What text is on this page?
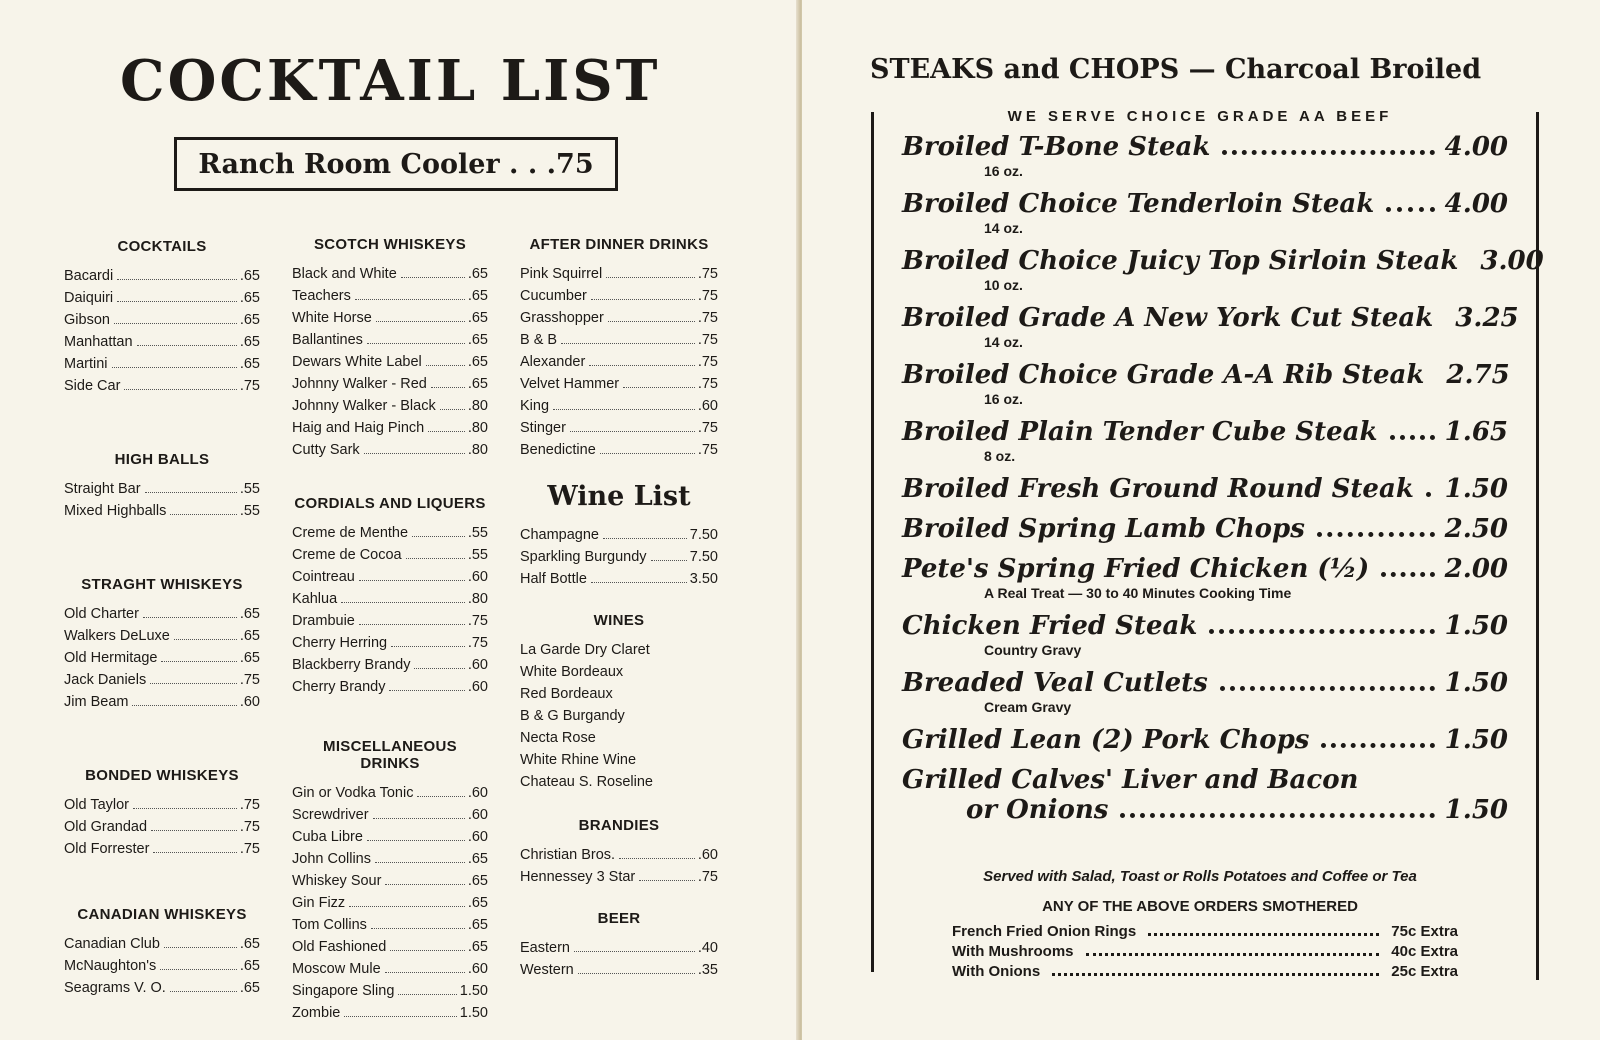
COCKTAIL LIST
Ranch Room Cooler . . .75
COCKTAILS
Bacardi	.65
Daiquiri	.65
Gibson	.65
Manhattan	.65
Martini	.65
Side Car	.75
HIGH BALLS
Straight Bar	.55
Mixed Highballs	.55
STRAGHT WHISKEYS
Old Charter	.65
Walkers DeLuxe	.65
Old Hermitage	.65
Jack Daniels	.75
Jim Beam	.60
BONDED WHISKEYS
Old Taylor	.75
Old Grandad	.75
Old Forrester	.75
CANADIAN WHISKEYS
Canadian Club	.65
McNaughton's	.65
Seagrams V. O.	.65
SCOTCH WHISKEYS
Black and White	.65
Teachers	.65
White Horse	.65
Ballantines	.65
Dewars White Label	.65
Johnny Walker - Red	.65
Johnny Walker - Black .80
Haig and Haig Pinch	.80
Cutty Sark	.80
CORDIALS AND LIQUERS
Creme de Menthe	.55
Creme de Cocoa	.55
Cointreau	.60
Kahlua	.80
Drambuie	.75
Cherry Herring	.75
Blackberry Brandy	.60
Cherry Brandy	.60
MISCELLANEOUS DRINKS
Gin or Vodka Tonic	.60
Screwdriver	.60
Cuba Libre	.60
John Collins	.65
Whiskey Sour	.65
Gin Fizz	.65
Tom Collins	.65
Old Fashioned	.65
Moscow Mule	.60
Singapore Sling	1.50
Zombie	1.50
AFTER DINNER DRINKS
Pink Squirrel	.75
Cucumber	.75
Grasshopper	.75
B & B	.75
Alexander	.75
Velvet Hammer	.75
King	.60
Stinger	.75
Benedictine	.75
Wine List
Champagne	7.50
Sparkling Burgundy	7.50
Half Bottle	3.50
WINES
La Garde Dry Claret
White Bordeaux
Red Bordeaux
B & G Burgandy
Necta Rose
White Rhine Wine
Chateau S. Roseline
BRANDIES
Christian Bros.	.60
Hennessey 3 Star	.75
BEER
Eastern	.40
Western	.35
STEAKS and CHOPS — Charcoal Broiled
WE SERVE CHOICE GRADE AA BEEF
Broiled T-Bone Steak	4.00
16 oz.
Broiled Choice Tenderloin Steak	4.00
14 oz.
Broiled Choice Juicy Top Sirloin Steak 3.00
10 oz.
Broiled Grade A New York Cut Steak 3.25
14 oz.
Broiled Choice Grade A-A Rib Steak 2.75
16 oz.
Broiled Plain Tender Cube Steak	1.65
8 oz.
Broiled Fresh Ground Round Steak 1.50
Broiled Spring Lamb Chops	2.50
Pete's Spring Fried Chicken (½)	2.00
A Real Treat — 30 to 40 Minutes Cooking Time
Chicken Fried Steak	1.50
Country Gravy
Breaded Veal Cutlets	1.50
Cream Gravy
Grilled Lean (2) Pork Chops	1.50
Grilled Calves' Liver and Bacon
or Onions	1.50
Served with Salad, Toast or Rolls Potatoes and Coffee or Tea
ANY OF THE ABOVE ORDERS SMOTHERED
French Fried Onion Rings	75c Extra
With Mushrooms	40c Extra
With Onions	25c Extra
